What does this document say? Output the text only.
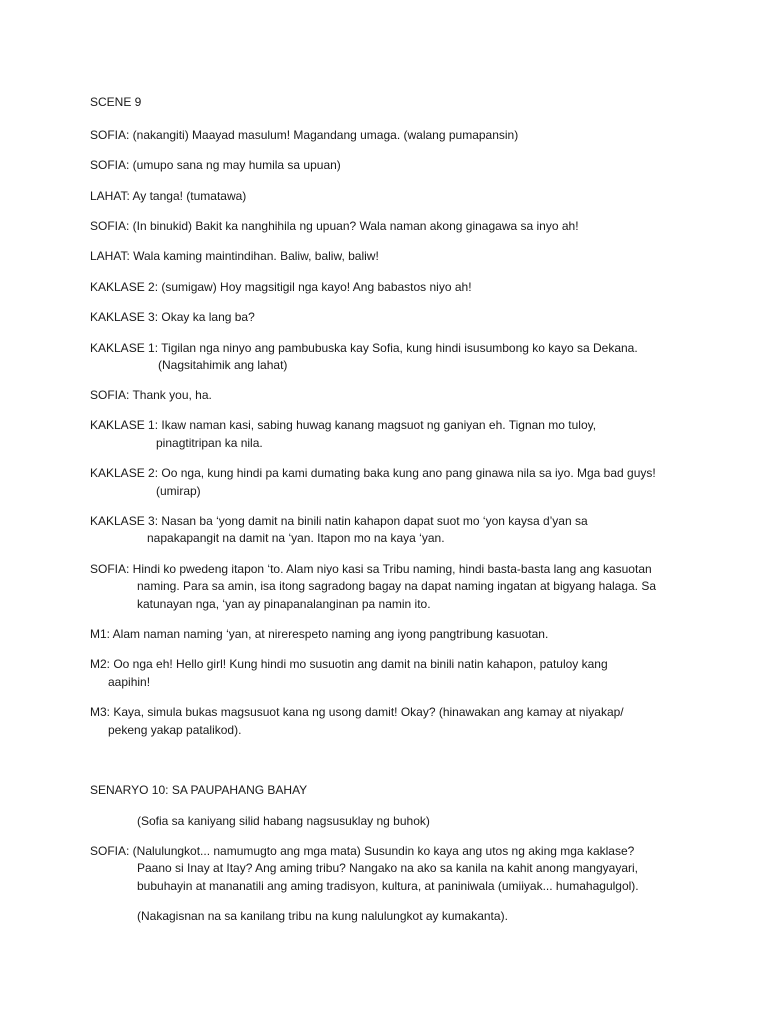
SCENE 9

SOFIA: (nakangiti) Maayad masulum! Magandang umaga. (walang pumapansin)

SOFIA: (umupo sana ng may humila sa upuan)

LAHAT: Ay tanga! (tumatawa)

SOFIA: (In binukid) Bakit ka nanghihila ng upuan? Wala naman akong ginagawa sa inyo ah!

LAHAT: Wala kaming maintindihan. Baliw, baliw, baliw!

KAKLASE 2: (sumigaw) Hoy magsitigil nga kayo! Ang babastos niyo ah!

KAKLASE 3: Okay ka lang ba?

KAKLASE 1: Tigilan nga ninyo ang pambubuska kay Sofia, kung hindi isusumbong ko kayo sa Dekana.

(Nagsitahimik ang lahat)

SOFIA: Thank you, ha.

KAKLASE 1: Ikaw naman kasi, sabing huwag kanang magsuot ng ganiyan eh. Tignan mo tuloy,

pinagtitripan ka nila.

KAKLASE 2: Oo nga, kung hindi pa kami dumating baka kung ano pang ginawa nila sa iyo. Mga bad guys!

(umirap)

KAKLASE 3: Nasan ba ‘yong damit na binili natin kahapon dapat suot mo ‘yon kaysa d’yan sa

napakapangit na damit na ‘yan. Itapon mo na kaya ‘yan.

SOFIA: Hindi ko pwedeng itapon ‘to. Alam niyo kasi sa Tribu naming, hindi basta-basta lang ang kasuotan

naming. Para sa amin, isa itong sagradong bagay na dapat naming ingatan at bigyang halaga. Sa

katunayan nga, ‘yan ay pinapanalanginan pa namin ito.

M1: Alam naman naming ‘yan, at nirerespeto naming ang iyong pangtribung kasuotan.

M2: Oo nga eh! Hello girl! Kung hindi mo susuotin ang damit na binili natin kahapon, patuloy kang

aapihin!

M3: Kaya, simula bukas magsusuot kana ng usong damit! Okay? (hinawakan ang kamay at niyakap/

pekeng yakap patalikod).

SENARYO 10: SA PAUPAHANG BAHAY

(Sofia sa kaniyang silid habang nagsusuklay ng buhok)

SOFIA: (Nalulungkot... namumugto ang mga mata) Susundin ko kaya ang utos ng aking mga kaklase?

Paano si Inay at Itay? Ang aming tribu? Nangako na ako sa kanila na kahit anong mangyayari,

bubuhayin at mananatili ang aming tradisyon, kultura, at paniniwala (umiiyak... humahagulgol).

(Nakagisnan na sa kanilang tribu na kung nalulungkot ay kumakanta).
